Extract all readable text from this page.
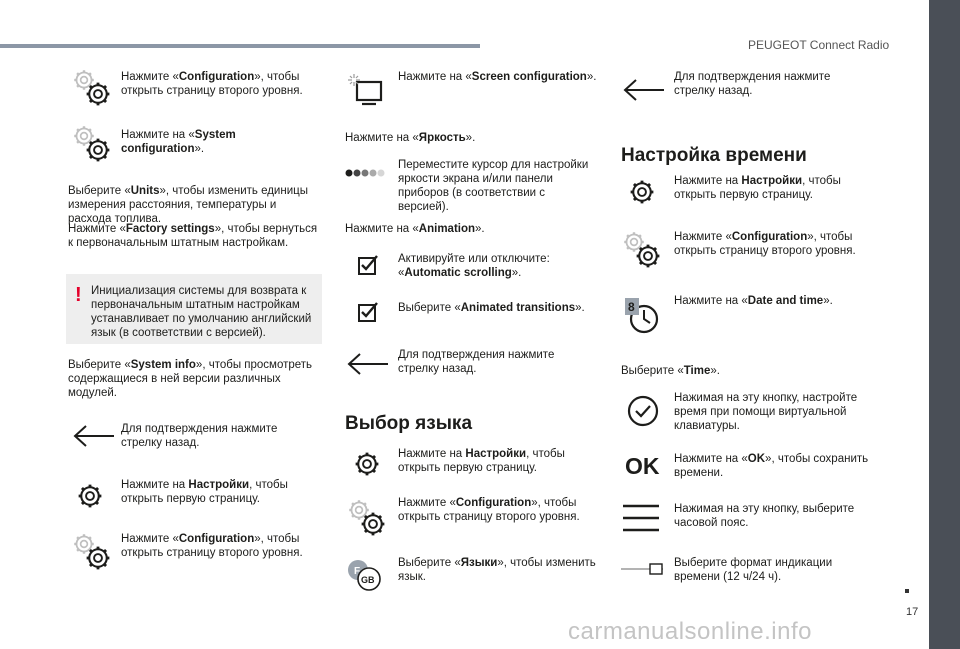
PEUGEOT Connect Radio
17
carmanualsonline.info
Нажмите «Configuration», чтобы открыть страницу второго уровня.
Нажмите на «System configuration».
Выберите «Units», чтобы изменить единицы измерения расстояния, температуры и расхода топлива.
Нажмите «Factory settings», чтобы вернуться к первоначальным штатным настройкам.
! Инициализация системы для возврата к первоначальным штатным настройкам устанавливает по умолчанию английский язык (в соответствии с версией).
Выберите «System info», чтобы просмотреть содержащиеся в ней версии различных модулей.
Для подтверждения нажмите стрелку назад.
Нажмите на Настройки, чтобы открыть первую страницу.
Нажмите «Configuration», чтобы открыть страницу второго уровня.
Нажмите на «Screen configuration».
Нажмите на «Яркость».
Переместите курсор для настройки яркости экрана и/или панели приборов (в соответствии с версией).
Нажмите на «Animation».
Активируйте или отключите: «Automatic scrolling».
Выберите «Animated transitions».
Для подтверждения нажмите стрелку назад.
Выбор языка
Нажмите на Настройки, чтобы открыть первую страницу.
Нажмите «Configuration», чтобы открыть страницу второго уровня.
F
GB
Выберите «Языки», чтобы изменить язык.
Для подтверждения нажмите стрелку назад.
Настройка времени
Нажмите на Настройки, чтобы открыть первую страницу.
Нажмите «Configuration», чтобы открыть страницу второго уровня.
8	Нажмите на «Date and time».
Выберите «Time».
Нажимая на эту кнопку, настройте время при помощи виртуальной клавиатуры.
OK Нажмите на «OK», чтобы сохранить времени.
Нажимая на эту кнопку, выберите часовой пояс.
Выберите формат индикации времени (12 ч/24 ч).
